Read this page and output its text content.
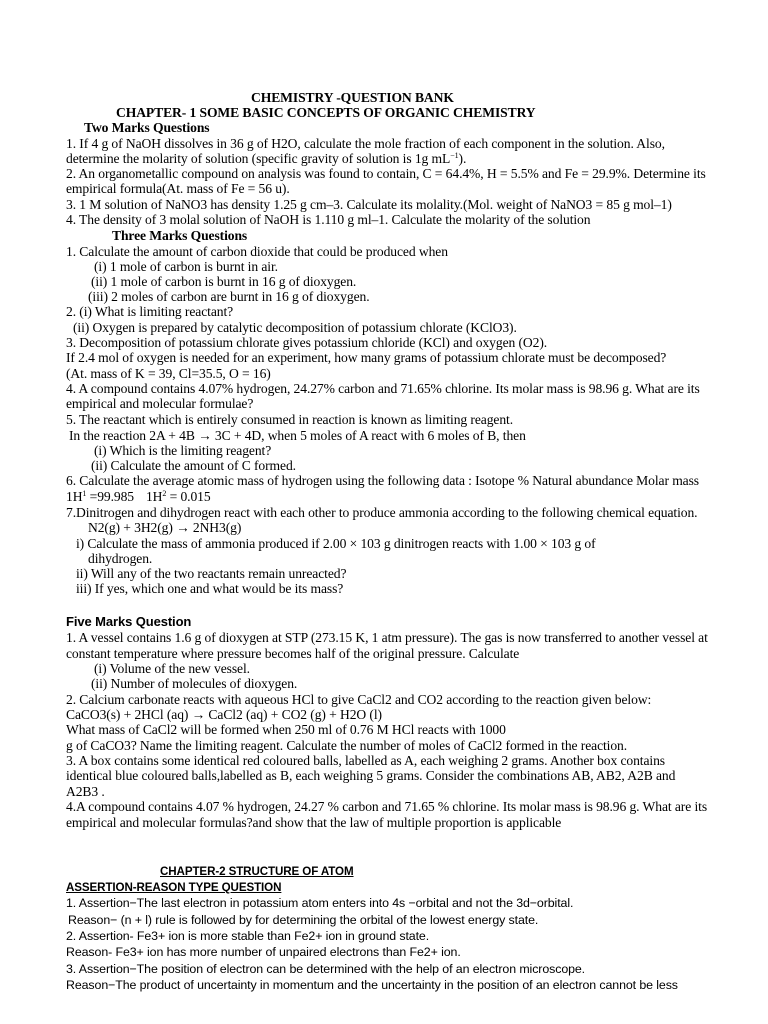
CHEMISTRY -QUESTION BANK
CHAPTER- 1 SOME BASIC CONCEPTS OF ORGANIC CHEMISTRY
Two Marks Questions
1. If 4 g of NaOH dissolves in 36 g of H2O, calculate the mole fraction of each component in the solution. Also,
determine the molarity of solution (specific gravity of solution is 1g $mL^{-1}$).
2. An organometallic compound on analysis was found to contain, C = 64.4%, H = 5.5% and Fe = 29.9%. Determine its
empirical formula(At. mass of Fe = 56 u).
3. 1 M solution of NaNO3 has density 1.25 g cm–3. Calculate its molality.(Mol. weight of NaNO3 = 85 g mol–1)
4. The density of 3 molal solution of NaOH is 1.110 g ml–1. Calculate the molarity of the solution
Three Marks Questions
1. Calculate the amount of carbon dioxide that could be produced when
(i) 1 mole of carbon is burnt in air.
(ii) 1 mole of carbon is burnt in 16 g of dioxygen.
(iii) 2 moles of carbon are burnt in 16 g of dioxygen.
2. (i) What is limiting reactant?
(ii) Oxygen is prepared by catalytic decomposition of potassium chlorate (KClO3).
3. Decomposition of potassium chlorate gives potassium chloride (KCl) and oxygen (O2).
If 2.4 mol of oxygen is needed for an experiment, how many grams of potassium chlorate must be decomposed?
(At. mass of K = 39, Cl=35.5, O = 16)
4. A compound contains 4.07% hydrogen, 24.27% carbon and 71.65% chlorine. Its molar mass is 98.96 g. What are its
empirical and molecular formulae?
5. The reactant which is entirely consumed in reaction is known as limiting reagent.
In the reaction 2A + 4B → 3C + 4D, when 5 moles of A react with 6 moles of B, then
(i) Which is the limiting reagent?
(ii) Calculate the amount of C formed.
6. Calculate the average atomic mass of hydrogen using the following data : Isotope % Natural abundance Molar mass
$1H^1 =99.985$ $1H^2 = 0.015$
7.Dinitrogen and dihydrogen react with each other to produce ammonia according to the following chemical equation.
N2(g) + 3H2(g) → 2NH3(g)
i) Calculate the mass of ammonia produced if 2.00 × 103 g dinitrogen reacts with 1.00 × 103 g of
dihydrogen.
ii) Will any of the two reactants remain unreacted?
iii) If yes, which one and what would be its mass?
Five Marks Question
1. A vessel contains 1.6 g of dioxygen at STP (273.15 K, 1 atm pressure). The gas is now transferred to another vessel at
constant temperature where pressure becomes half of the original pressure. Calculate
(i) Volume of the new vessel.
(ii) Number of molecules of dioxygen.
2. Calcium carbonate reacts with aqueous HCl to give CaCl2 and CO2 according to the reaction given below:
CaCO3(s) + 2HCl (aq) → CaCl2 (aq) + CO2 (g) + H2O (l)
What mass of CaCl2 will be formed when 250 ml of 0.76 M HCl reacts with 1000
g of CaCO3? Name the limiting reagent. Calculate the number of moles of CaCl2 formed in the reaction.
3. A box contains some identical red coloured balls, labelled as A, each weighing 2 grams. Another box contains
identical blue coloured balls,labelled as B, each weighing 5 grams. Consider the combinations AB, AB2, A2B and
A2B3 .
4.A compound contains 4.07 % hydrogen, 24.27 % carbon and 71.65 % chlorine. Its molar mass is 98.96 g. What are its
empirical and molecular formulas?and show that the law of multiple proportion is applicable
CHAPTER-2 STRUCTURE OF ATOM
ASSERTION-REASON TYPE QUESTION
1. Assertion−The last electron in potassium atom enters into 4s −orbital and not the 3d−orbital.
Reason− (n + l) rule is followed by for determining the orbital of the lowest energy state.
2. Assertion- Fe3+ ion is more stable than Fe2+ ion in ground state.
Reason- Fe3+ ion has more number of unpaired electrons than Fe2+ ion.
3. Assertion−The position of electron can be determined with the help of an electron microscope.
Reason−The product of uncertainty in momentum and the uncertainty in the position of an electron cannot be less
